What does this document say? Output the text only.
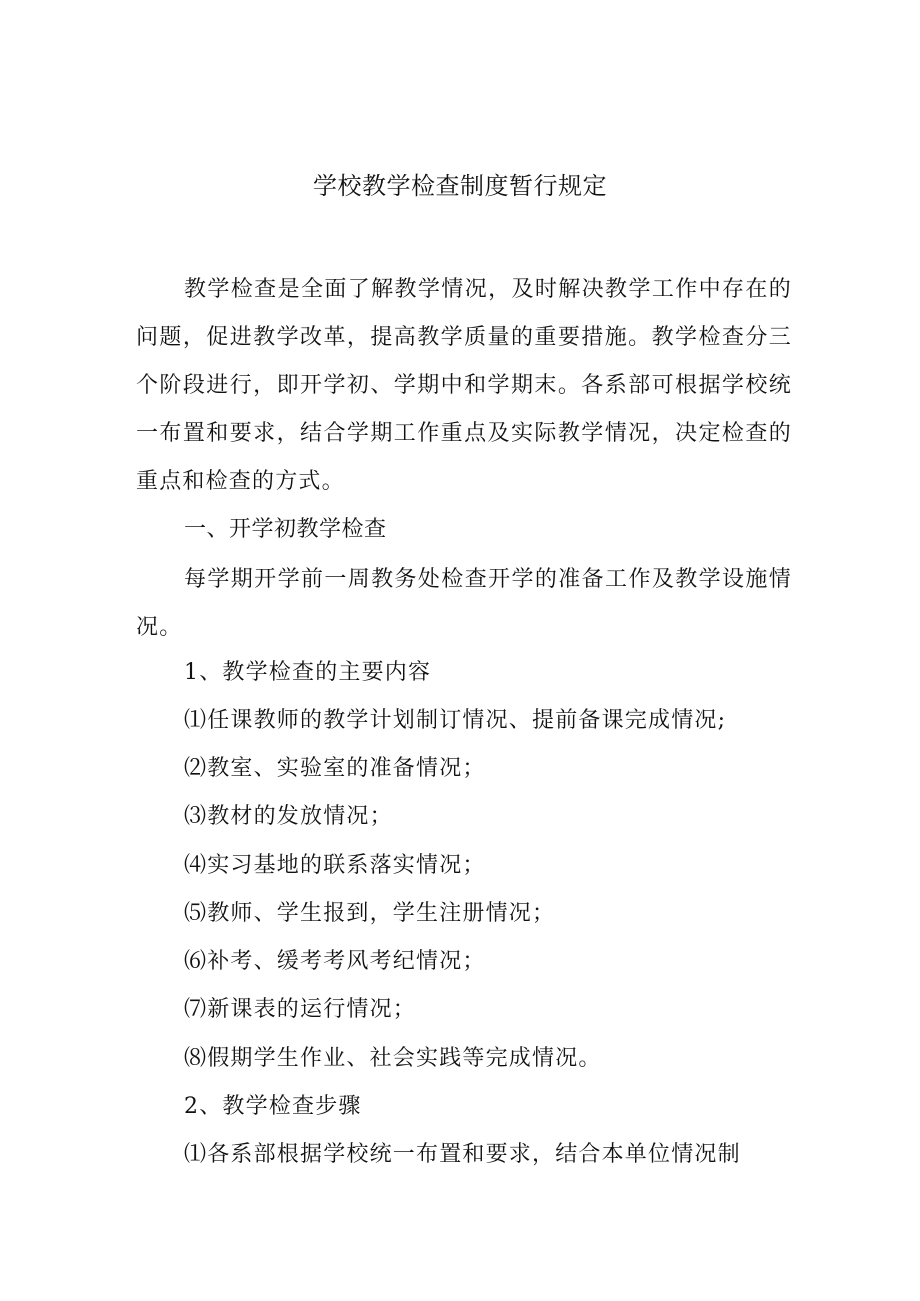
学校教学检查制度暂行规定

教学检查是全面了解教学情况，及时解决教学工作中存在的问题，促进教学改革，提高教学质量的重要措施。教学检查分三个阶段进行，即开学初、学期中和学期末。各系部可根据学校统一布置和要求，结合学期工作重点及实际教学情况，决定检查的重点和检查的方式。

一、开学初教学检查

每学期开学前一周教务处检查开学的准备工作及教学设施情况。

1、教学检查的主要内容

⑴任课教师的教学计划制订情况、提前备课完成情况;

⑵教室、实验室的准备情况；

⑶教材的发放情况；

⑷实习基地的联系落实情况；

⑸教师、学生报到，学生注册情况；

⑹补考、缓考考风考纪情况；

⑺新课表的运行情况；

⑻假期学生作业、社会实践等完成情况。

2、教学检查步骤

⑴各系部根据学校统一布置和要求，结合本单位情况制
